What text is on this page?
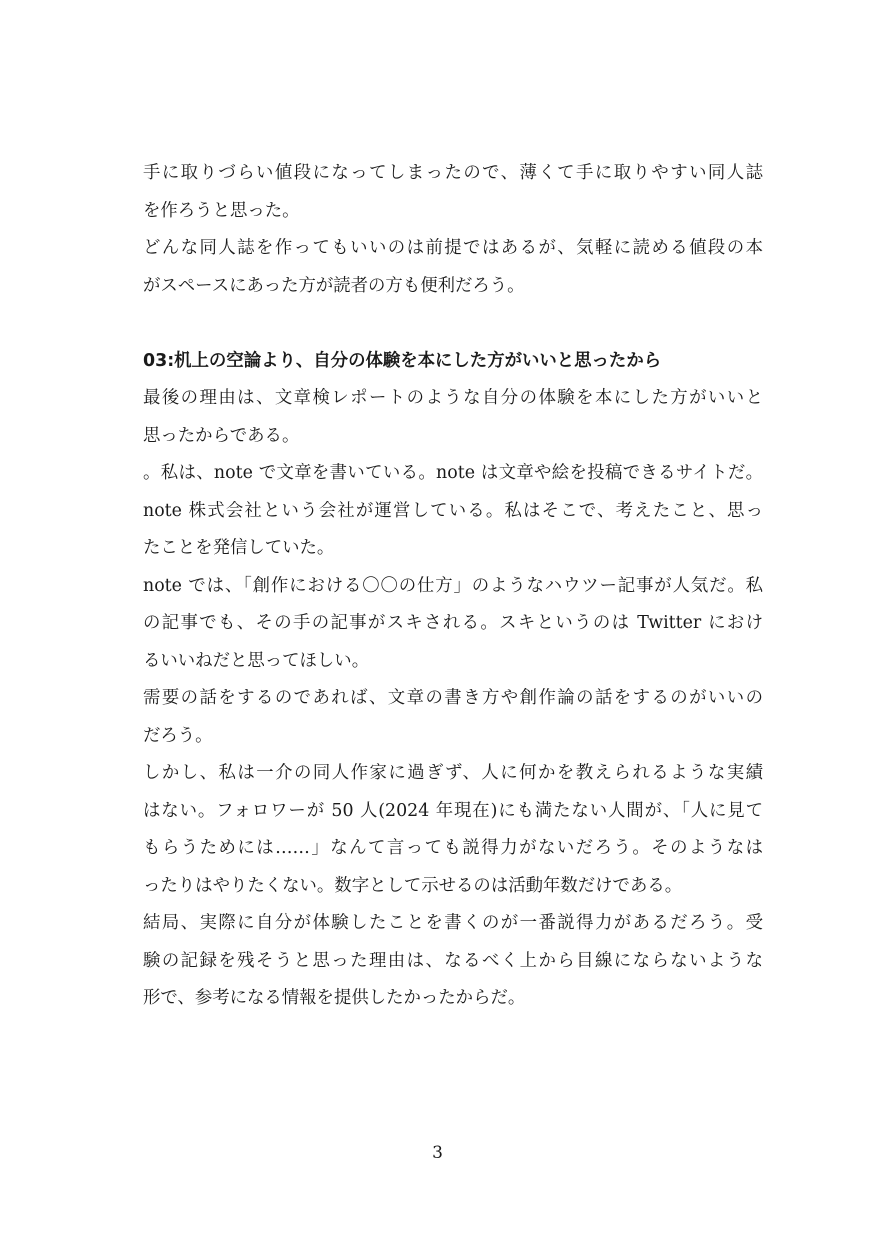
手に取りづらい値段になってしまったので、薄くて手に取りやすい同人誌
を作ろうと思った。

どんな同人誌を作ってもいいのは前提ではあるが、気軽に読める値段の本
がスペースにあった方が読者の方も便利だろう。

03:机上の空論より、自分の体験を本にした方がいいと思ったから

最後の理由は、文章検レポートのような自分の体験を本にした方がいいと
思ったからである。

。私は、note で文章を書いている。note は文章や絵を投稿できるサイトだ。
note 株式会社という会社が運営している。私はそこで、考えたこと、思っ
たことを発信していた。

note では、「創作における〇〇の仕方」のようなハウツー記事が人気だ。私
の記事でも、その手の記事がスキされる。スキというのは Twitter におけ
るいいねだと思ってほしい。

需要の話をするのであれば、文章の書き方や創作論の話をするのがいいの
だろう。

しかし、私は一介の同人作家に過ぎず、人に何かを教えられるような実績
はない。フォロワーが 50 人(2024 年現在)にも満たない人間が、「人に見て
もらうためには……」なんて言っても説得力がないだろう。そのようなは
ったりはやりたくない。数字として示せるのは活動年数だけである。

結局、実際に自分が体験したことを書くのが一番説得力があるだろう。受
験の記録を残そうと思った理由は、なるべく上から目線にならないような
形で、参考になる情報を提供したかったからだ。

3
